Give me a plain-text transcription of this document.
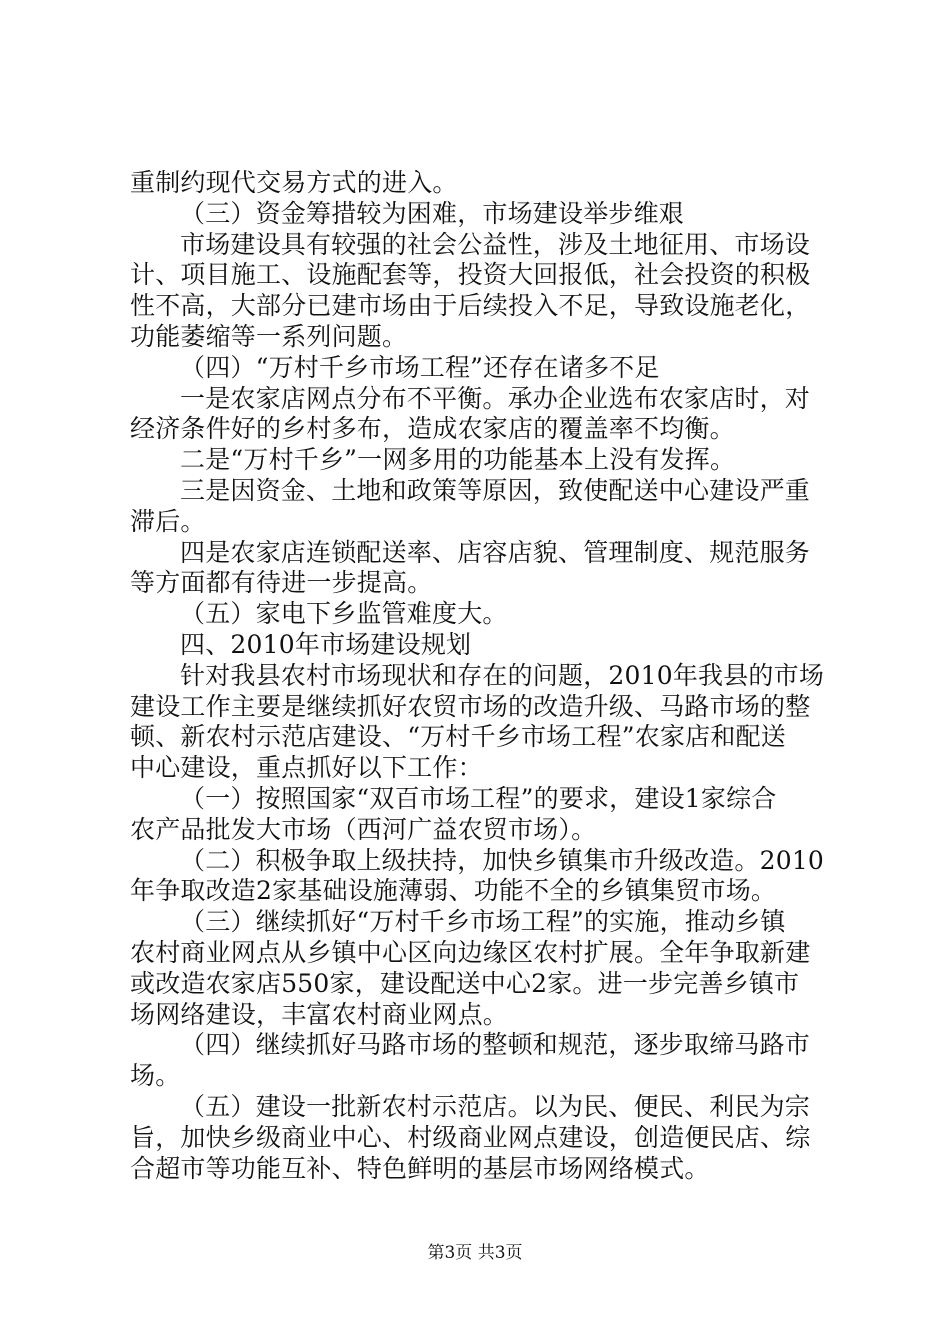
重制约现代交易方式的进入。
（三）资金筹措较为困难，市场建设举步维艰
市场建设具有较强的社会公益性，涉及土地征用、市场设
计、项目施工、设施配套等，投资大回报低，社会投资的积极
性不高，大部分已建市场由于后续投入不足，导致设施老化，
功能萎缩等一系列问题。
（四）“万村千乡市场工程”还存在诸多不足
一是农家店网点分布不平衡。承办企业选布农家店时，对
经济条件好的乡村多布，造成农家店的覆盖率不均衡。
二是“万村千乡”一网多用的功能基本上没有发挥。
三是因资金、土地和政策等原因，致使配送中心建设严重
滞后。
四是农家店连锁配送率、店容店貌、管理制度、规范服务
等方面都有待进一步提高。
（五）家电下乡监管难度大。
四、2010年市场建设规划
针对我县农村市场现状和存在的问题，2010年我县的市场
建设工作主要是继续抓好农贸市场的改造升级、马路市场的整
顿、新农村示范店建设、“万村千乡市场工程”农家店和配送
中心建设，重点抓好以下工作：
（一）按照国家“双百市场工程”的要求，建设1家综合
农产品批发大市场（西河广益农贸市场）。
（二）积极争取上级扶持，加快乡镇集市升级改造。2010
年争取改造2家基础设施薄弱、功能不全的乡镇集贸市场。
（三）继续抓好“万村千乡市场工程”的实施，推动乡镇
农村商业网点从乡镇中心区向边缘区农村扩展。全年争取新建
或改造农家店550家，建设配送中心2家。进一步完善乡镇市
场网络建设，丰富农村商业网点。
（四）继续抓好马路市场的整顿和规范，逐步取缔马路市
场。
（五）建设一批新农村示范店。以为民、便民、利民为宗
旨，加快乡级商业中心、村级商业网点建设，创造便民店、综
合超市等功能互补、特色鲜明的基层市场网络模式。
第3页 共3页
